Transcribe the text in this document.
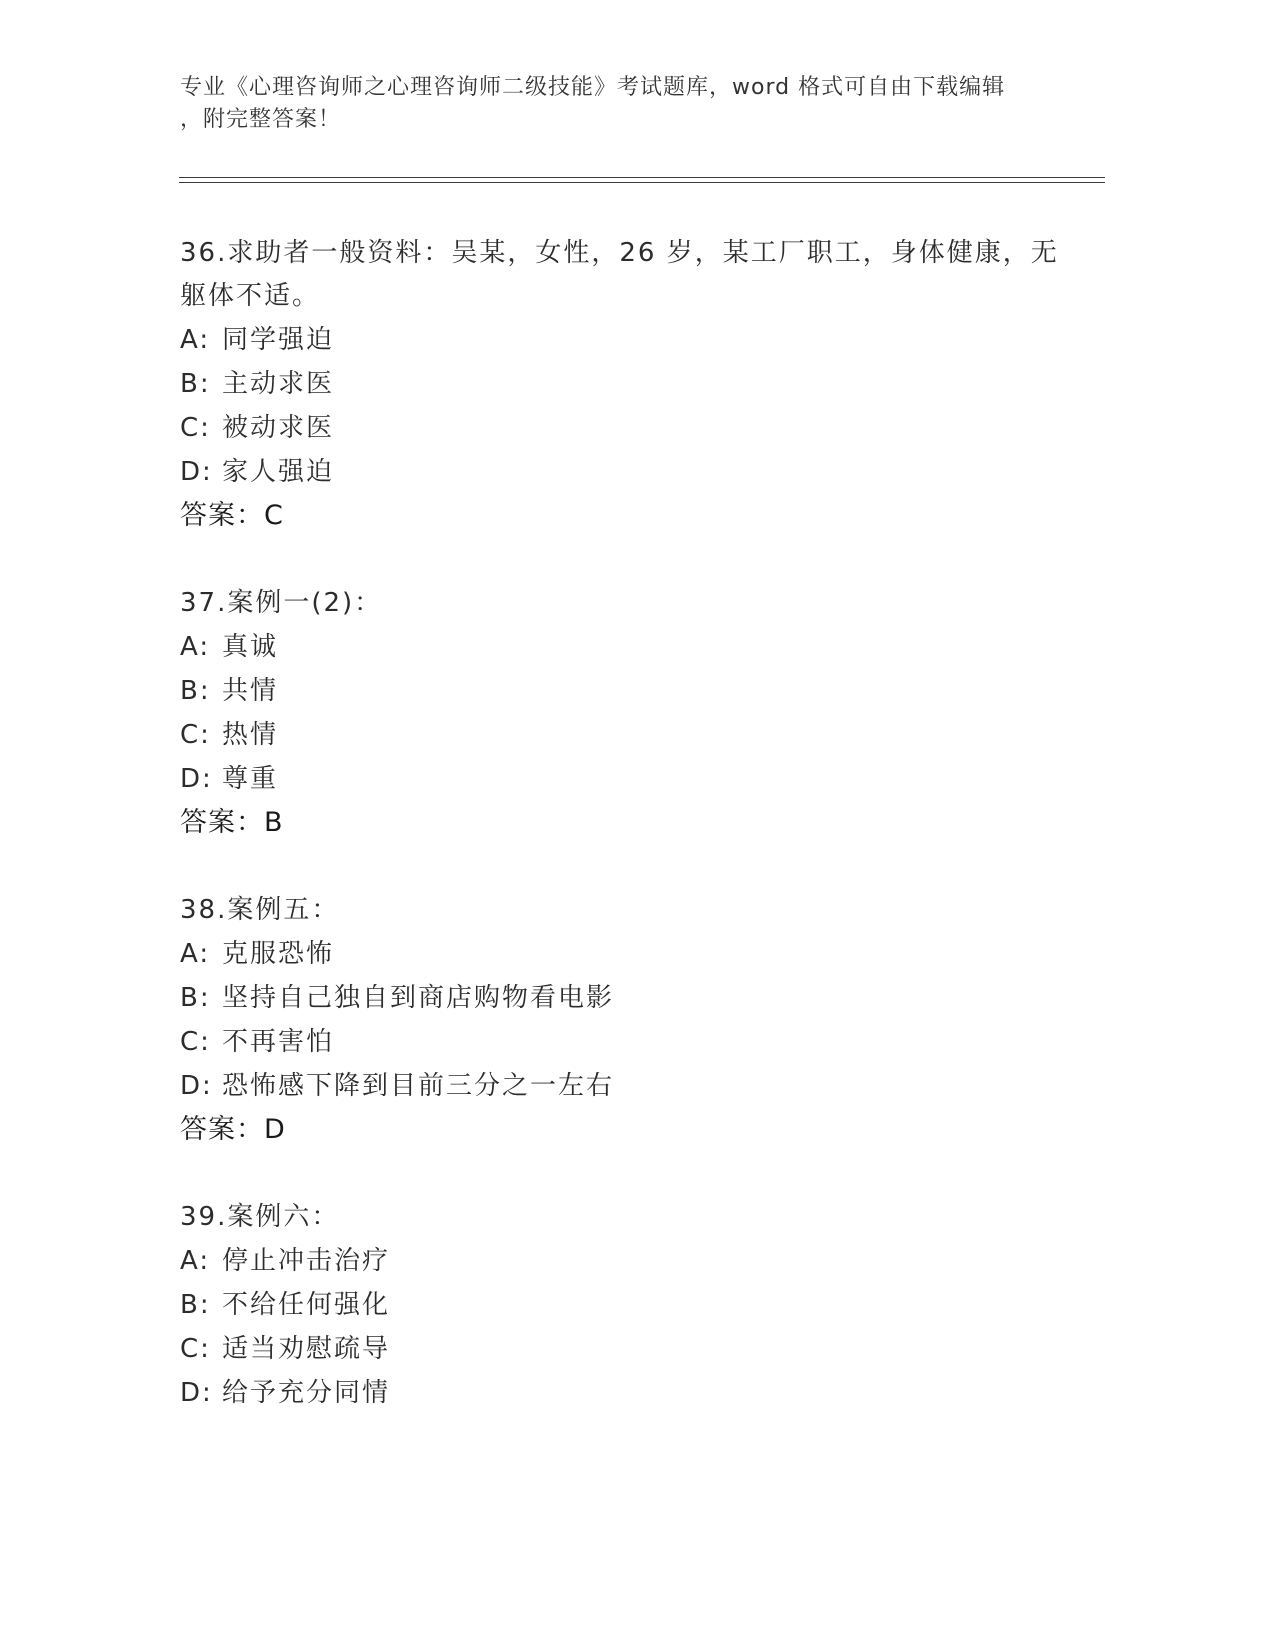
专业《心理咨询师之心理咨询师二级技能》考试题库，word 格式可自由下载编辑
，附完整答案！
36.求助者一般资料：吴某，女性，26 岁，某工厂职工，身体健康，无
躯体不适。
A: 同学强迫
B: 主动求医
C: 被动求医
D: 家人强迫
答案：C
37.案例一(2)：
A: 真诚
B: 共情
C: 热情
D: 尊重
答案：B
38.案例五：
A: 克服恐怖
B: 坚持自己独自到商店购物看电影
C: 不再害怕
D: 恐怖感下降到目前三分之一左右
答案：D
39.案例六：
A: 停止冲击治疗
B: 不给任何强化
C: 适当劝慰疏导
D: 给予充分同情
